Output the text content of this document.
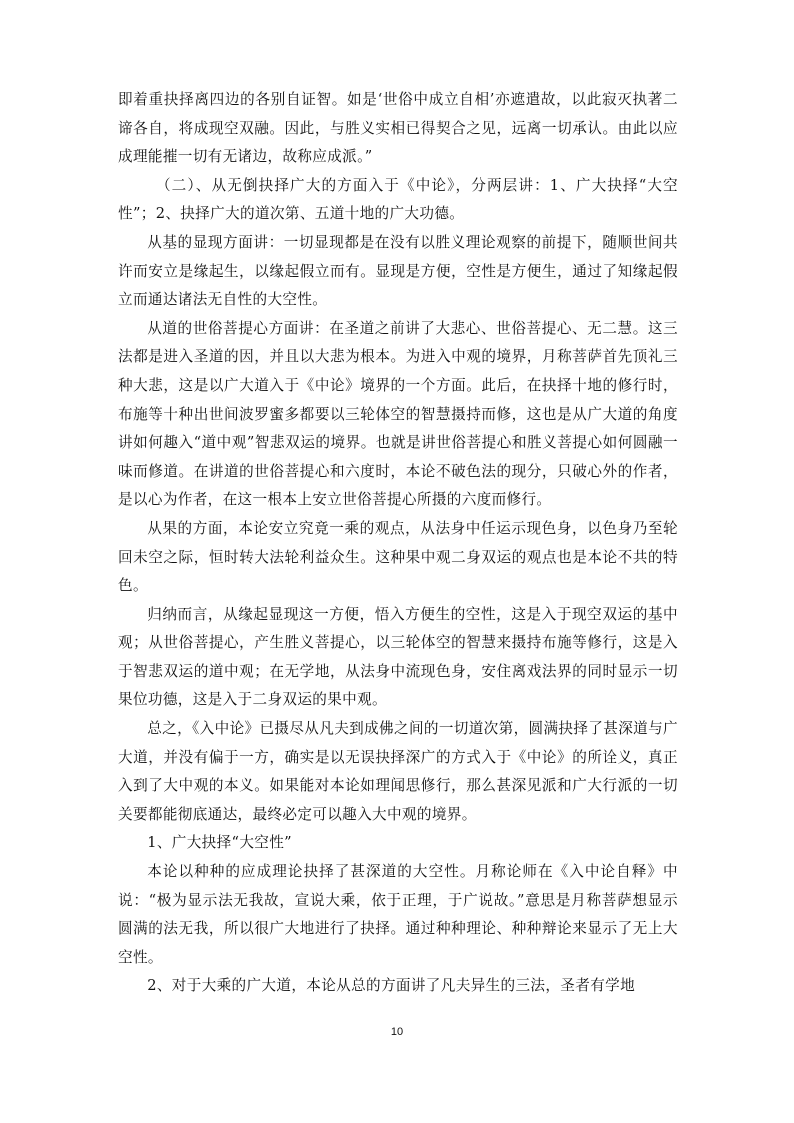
即着重抉择离四边的各别自证智。如是‘世俗中成立自相’亦遮遣故，以此寂灭执著二谛各自，将成现空双融。因此，与胜义实相已得契合之见，远离一切承认。由此以应成理能摧一切有无诸边，故称应成派。”

（二）、从无倒抉择广大的方面入于《中论》，分两层讲：1、广大抉择“大空性”；2、抉择广大的道次第、五道十地的广大功德。

从基的显现方面讲：一切显现都是在没有以胜义理论观察的前提下，随顺世间共许而安立是缘起生，以缘起假立而有。显现是方便，空性是方便生，通过了知缘起假立而通达诸法无自性的大空性。

从道的世俗菩提心方面讲：在圣道之前讲了大悲心、世俗菩提心、无二慧。这三法都是进入圣道的因，并且以大悲为根本。为进入中观的境界，月称菩萨首先顶礼三种大悲，这是以广大道入于《中论》境界的一个方面。此后，在抉择十地的修行时，布施等十种出世间波罗蜜多都要以三轮体空的智慧摄持而修，这也是从广大道的角度讲如何趣入“道中观”智悲双运的境界。也就是讲世俗菩提心和胜义菩提心如何圆融一味而修道。在讲道的世俗菩提心和六度时，本论不破色法的现分，只破心外的作者，是以心为作者，在这一根本上安立世俗菩提心所摄的六度而修行。

从果的方面，本论安立究竟一乘的观点，从法身中任运示现色身，以色身乃至轮回未空之际，恒时转大法轮利益众生。这种果中观二身双运的观点也是本论不共的特色。

归纳而言，从缘起显现这一方便，悟入方便生的空性，这是入于现空双运的基中观；从世俗菩提心，产生胜义菩提心，以三轮体空的智慧来摄持布施等修行，这是入于智悲双运的道中观；在无学地，从法身中流现色身，安住离戏法界的同时显示一切果位功德，这是入于二身双运的果中观。

总之，《入中论》已摄尽从凡夫到成佛之间的一切道次第，圆满抉择了甚深道与广大道，并没有偏于一方，确实是以无误抉择深广的方式入于《中论》的所诠义，真正入到了大中观的本义。如果能对本论如理闻思修行，那么甚深见派和广大行派的一切关要都能彻底通达，最终必定可以趣入大中观的境界。

1、广大抉择“大空性”

本论以种种的应成理论抉择了甚深道的大空性。月称论师在《入中论自释》中说：“极为显示法无我故，宣说大乘，依于正理，于广说故。”意思是月称菩萨想显示圆满的法无我，所以很广大地进行了抉择。通过种种理论、种种辩论来显示了无上大空性。

2、对于大乘的广大道，本论从总的方面讲了凡夫异生的三法，圣者有学地

10
